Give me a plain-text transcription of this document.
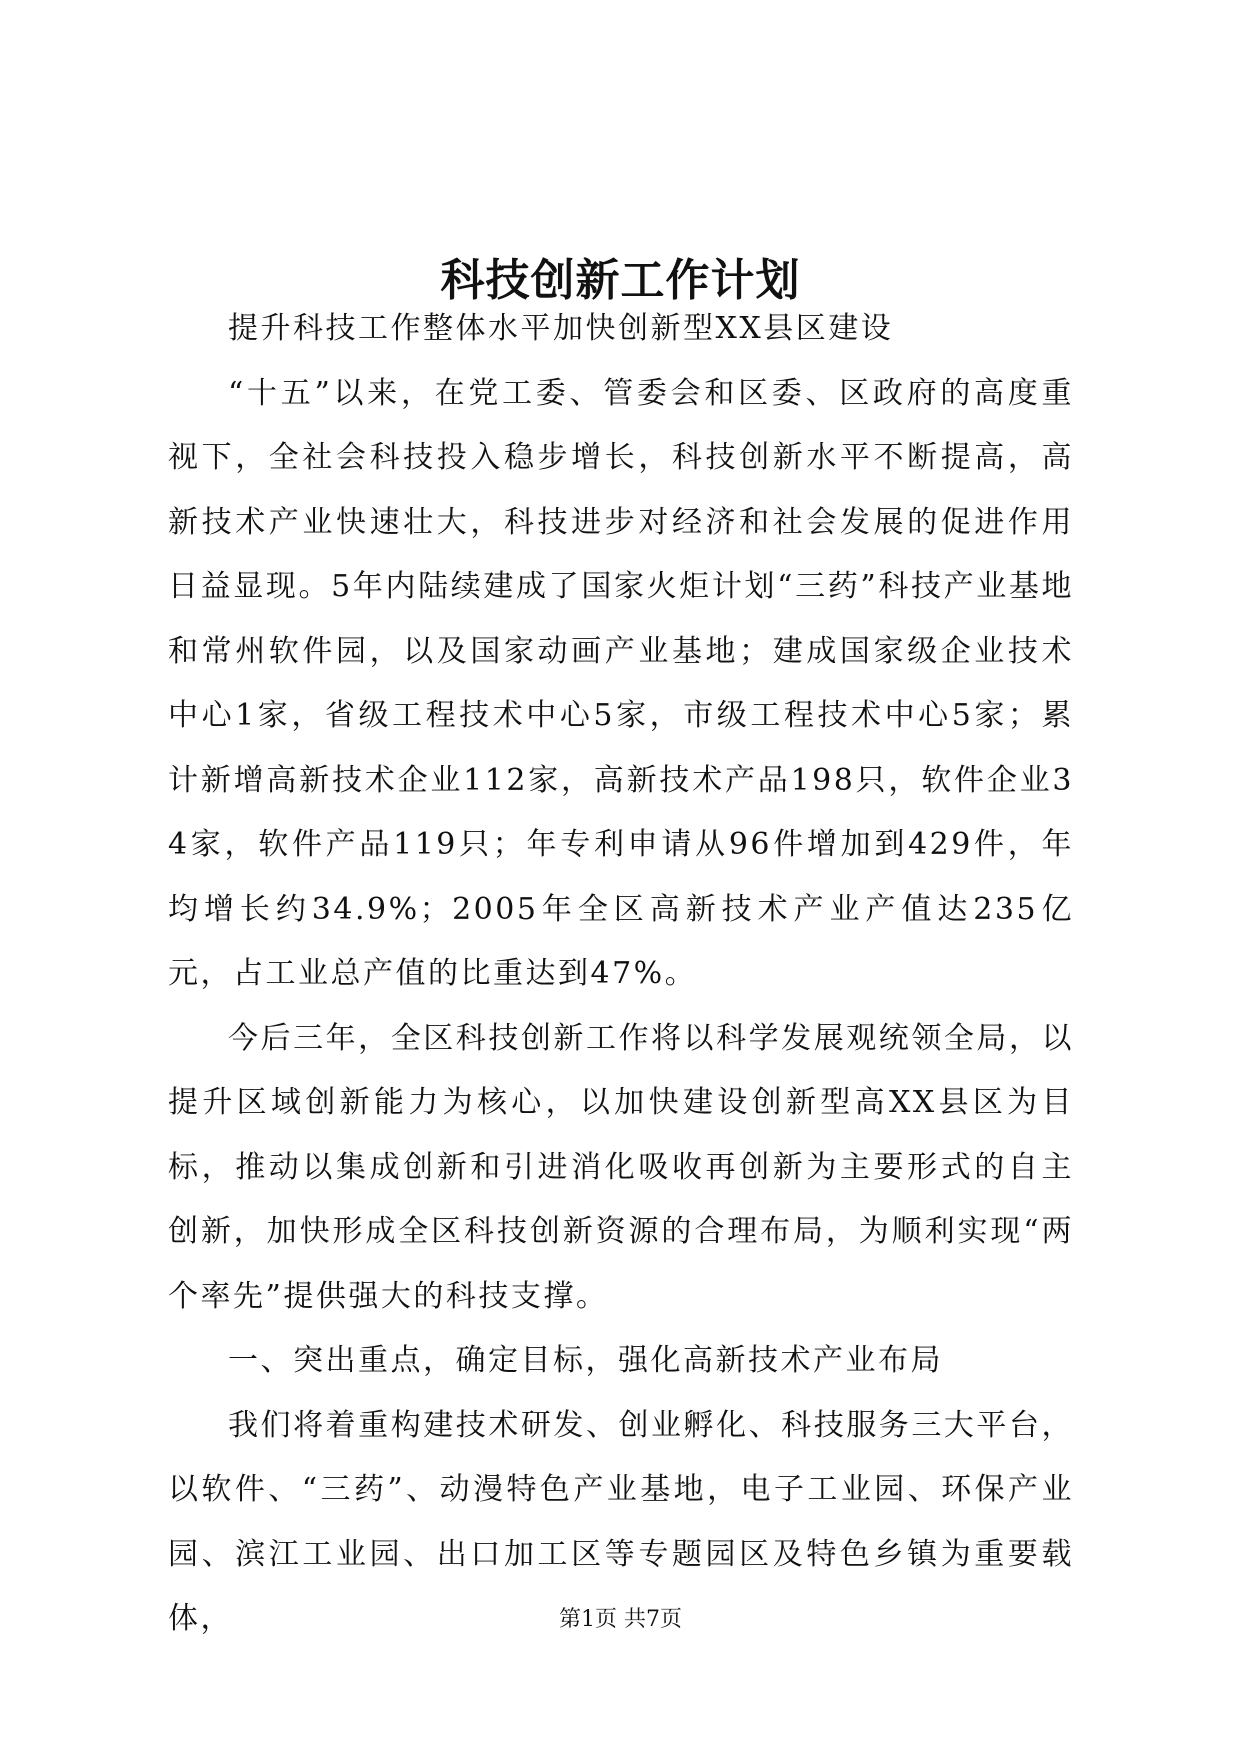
科技创新工作计划

提升科技工作整体水平加快创新型XX县区建设

“十五”以来，在党工委、管委会和区委、区政府的高度重视下，全社会科技投入稳步增长，科技创新水平不断提高，高新技术产业快速壮大，科技进步对经济和社会发展的促进作用日益显现。5年内陆续建成了国家火炬计划“三药”科技产业基地和常州软件园，以及国家动画产业基地；建成国家级企业技术中心1家，省级工程技术中心5家，市级工程技术中心5家；累计新增高新技术企业112家，高新技术产品198只，软件企业34家，软件产品119只；年专利申请从96件增加到429件，年均增长约34.9%；2005年全区高新技术产业产值达235亿元，占工业总产值的比重达到47%。

今后三年，全区科技创新工作将以科学发展观统领全局，以提升区域创新能力为核心，以加快建设创新型高XX县区为目标，推动以集成创新和引进消化吸收再创新为主要形式的自主创新，加快形成全区科技创新资源的合理布局，为顺利实现“两个率先”提供强大的科技支撑。

一、突出重点，确定目标，强化高新技术产业布局

我们将着重构建技术研发、创业孵化、科技服务三大平台，以软件、“三药”、动漫特色产业基地，电子工业园、环保产业园、滨江工业园、出口加工区等专题园区及特色乡镇为重要载体，	第1页 共7页
